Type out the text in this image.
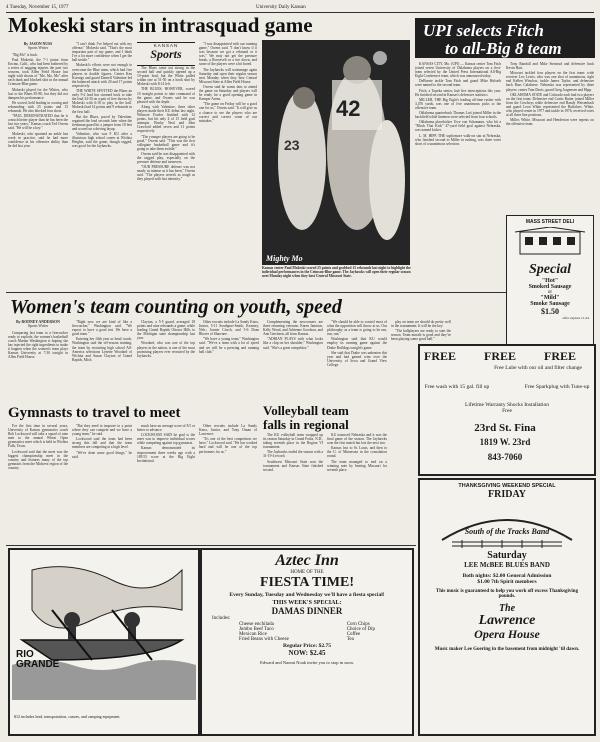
4 Tuesday, November 15, 1977	University Daily Kansan
Mokeski stars in intrasquad game
By JASON NUSS
Sports Writer

"Big Mo" is back.

Paul Mokeski, the 7-1 junior from Encino, Calif., who had been bothered by a series of nagging injuries the past two seasons, took Allen Field House last night with shouts of "Mo, Mo, Mo" after each dunk and blocked shot in the annual Crimson-Blue game.

Mokeski played for the Whites, who lost to the Blues 85-80, but they did not dampen his performance.

He scored, held leading in scoring and rebounding with 25 points and 15 rebounds. He also blocked four shots.

"PAUL DEMONSTRATED that he is a much better player than he has been the last two years," Kansas coach Ted Owens said. "He will be a key."

Mokeski, who sprained an ankle last week in practice, said he had more confidence in his offensive ability than he did last year.

"I can't think I've helped out with my offense," Mokeski said. "That's the most important part of my game, and I think I've a lot more confidence when I get the ball inside."

Mokeski's efforts were not enough to overcome the Blue team, which had five players in double figures. Center Ken Koenigs and guard Darnell Valentine led the balanced attack with 20 and 17 points respectively.

THE WHITE SPOTTED the Blues an early 9-2 lead but stormed back to take the lead 34-30 on a pair of free throws by Mokeski with 6:18 to play in the half. Mokeski had 14 points and 9 rebounds in the first half.

But the Blues, paced by Valentine, regained the lead seconds later when the freshman guard hit a jumper from 18 feet and scored on a driving layup.

Valentine, who was 9 KU after a illustrious high school career at Wichita Heights, said the game, though ragged, was good for the Jayhawks.

KANSAN
Sports

The Blues came out strong in the second half and quickly opened up a 10-point lead, but the White pulled within one at 51-50 on a hook shot by Mokeski with 8:14 left.

THE BLUES, HOWEVER, scored 10 straight points to take command of the game, and Owens said he was pleased with the depth.

Along with Valentine, three other players made their KU debut last night. Wilmore Fowler finished with 12 points, but hit only 4 of 15 field goal attempts. Booby Neal and John Crawford added seven and 11 points respectively.

"The younger players are going to be good," Owens said. "This was the first collegiate basketball game and it's going to take them awhile."

Owens said he was disappointed with the ragged play, especially on the pressure defense and turnovers.

"OUR PRESSURE defense was not nearly as intense as it has been," Owens said. "The players weren't as tough as they played with last intensity."

"I was disappointed with our running game," Owens said. "I don't know if it was because we got a rebound or it was." We may not get the pressure break, a Roosevelt or a tire down, and some of the players were a bit bored.

The Jayhawks will scrimmage again Saturday and open their regular season next Monday when they host Central Missouri State at Allen Field House.

Owens said he wants fans to attend the game on Saturday and players will be ready for a good opening game in Kemper Arena.

"The game on Friday will be a good one for us," Owens said. "It will give us a chance to see the players who are correct and correct some of our mistakes."	42
23
Mighty Mo
Kansas center Paul Mokeski scored 25 points and grabbed 15 rebounds last night to highlight the individual performances in the Crimson-Blue game. The Jayhawks will open their regular season next Monday night when they host Central Missouri State.
UPI selects Fitch
to all-Big 8 team

KANSAS CITY, Mo. (UPI) — Kansas center Tom Fitch joined seven University of Oklahoma players on a first-team selected by the United Press International All-Big Eight Conference team, which was announced today.

DeBoerte tackle Tom Fitch and guard Mike Hulseth were named to the second team.

Fitch, a Topeka senior, had five interceptions this year. He finished second in Kansas's defensive statistics.

MILLER, THE Big Eight's leading all-time rusher with 3,476 yards, was one of five unanimous picks to the offensive team.

Oklahoma quarterback Thomas Lott joined Miller in the backfield while linemen were selected from four schools.

Oklahoma placekicker Uwe von Schamann, who hit a "Block That Kick" 47-yard field goal against Nebraska, was named kicker.

L. M. HIPP, THE sophomore walk-on star at Nebraska, who finished second to Miller in rushing, was three votes short of a unanimous selection.

Tony Randall and Mike Stensrud and defensive back Kevin Hart.

Missouri tackled four players on the first team: wide receiver Leo Lewis, who was one shot of unanimous, tight end Kellen Winslow, tackle James Taylor, and defensive back Russ Calabrese. Nebraska was represented by three players: center Tom Davis, guard Greg Jorgensen and Hipp.

OKLAHOMA STATE and Colorado each had two players on the first team. Defensive end Curtis Ruiter joined Miller from the Cowboys while defensive end Randy Weisenbach and guard Leon White represented the Buffaloes. White, who played center in 1977 and tackle in 1976, received votes at all three line positions.

Miller, White, Missouri and Henderson were repeats on the offensive team.

MASS STREET DELI
Special
"Hot"
Smoked Sausage
or
"Mild"
Smoke Sausage
$1.50
offer expires 11-24
Women's team counting on youth, speed
By RODNEY ANDERSON
Sports Writer

Comparing last team to a firecracker ready to explode, the women's basketball coach Marian Washington is hoping she has injected the right ingredients to make it happen when the women's team plays Kansas University at 7:30 tonight in Allen Field House.

"Right now we are kind of like a firecracker," Washington said. "We expect to have a good test. We have a good team."

Entering her fifth year as head coach, Washington said the off-season training, the team by recruiting high school All-America selections Lynette Woodard of Wichita and Susan Clayton of Grand Rapids, Mich.

Clayton, a 5-5 guard, averaged 18 points and nine rebounds a game, while leading Grand Rapids Ottawa Hills to the Michigan state championship last year.

Woodard, who was one of the top players in the nation, is one of the most promising players ever recruited by the Jayhawks.

Other recruits include La Sandy Knox, Junior, 5-11 Southport-Smith, Kearney, Neb.; Jonnie Cirsch, and 5-6 Dean Rhorer of Shawnee.

"We have a young team," Washington said. "We've a team with a lot of speed and we will be a pressing and running ball club."

Complementing the newcomers are three returning veterans: Karen Jamison, Kelly Wood, and Adrienne Goodson, and Ann Gerritzen, all from Kansas.

"ADRIAN PLAYS with what looks like a chip on her shoulder," Washington said. "She's a great competitor."

"We should be able to control most of what the opposition will throw at us. Our philosophy as a team is going to be run, run, run."

Washington said that KU would employ its running game against the Drake Bulldogs tonight's game.

She said that Drake was unbeaten this year and had gained wins over the University of Iowa and Grand View College.

play on team we should do pretty well in the tournament. It will be the key.

"The ballplayers are ready to start the season. Team morale is good and they've been playing some good ball."

FREE FREE FREE
Free Lube with our oil and filter change
Free wash with 15 gal. fill up	Free Sparkplug with Tune-up
Lifetime Warranty Shocks Installation Free
23rd St. Fina
1819 W. 23rd
843-7060
Gymnasts to travel to meet

For the first time in several years, University of Kansas gymnastics coach Bob Lockwood will take a squad of nine men to the annual Wheat Open gymnastics meet which is held in Wichita Falls, Texas.

Lockwood said that the meet was the biggest championship meet in the country and features many of the top gymnasts from the Midwest region of the country.

"But they need to improve to a point where they can compete and we have a young team," he said.

Lockwood said the team had been strong this fall and that the team members are competing at a high level.

"We've done some good things," he said.

much have an average score of 8.5 or better to advance.

LOCKWOOD SAID he goal is the meet was to improve individual scores while competing against top gymnasts.

Kansas demonstrated its improvement three weeks ago with a 189.55 score at the Big Eight Invitational.

Other recruits include La Sandy Knox, Junior, and Tony Oman of Lawrence.

"It's one of the best competitors we have," Lockwood said. "He has worked hard and will be one of the top performers for us."

Volleyball team
falls in regional

The KU volleyball team wrapped up its season Saturday in Grand Forks, N.D., taking seventh place in the Region VI tournament.

The Jayhawks ended the season with a 31-19-4 record.

Southwest Missouri State won the tournament and Kansas State finished second.

KU trounced Nebraska and it was the final game of the season. The Jayhawks won the first match but lost the next two.

Kansas lost to St. Louis, and then to the U. of Minnesota in the consolation round.

The team managed to end on a winning note by beating Missouri for seventh place.

RIO
GRANDE
$12 includes lead, transportation, canoes, and camping equipment.
Aztec Inn
HOME OF THE
FIESTA TIME!
Every Sunday, Tuesday and Wednesday we'll have a fiesta special!
THIS WEEK'S SPECIAL:
DAMAS DINNER
Includes:
Cheese enchilada
Jumbo Beef Taco
Mexican Rice
Fried Beans with Cheese
Corn Chips
Choice of Dip
Coffee
Tea
Regular Price: $2.75
NOW: $2.45
Edward and Naomi Noak invite you to stop in soon.
THANKSGIVING WEEKEND SPECIAL
FRIDAY
South of the Tracks Band
Saturday
LEE McBEE BLUES BAND
Both nights: $2.00 General Admission
$1.00 7th Spirit members
This music is guaranteed to help you work off excess Thanksgiving pounds.
The
Lawrence
Opera House
Music maker Lee Goering in the basement from midnight 'til dawn.
